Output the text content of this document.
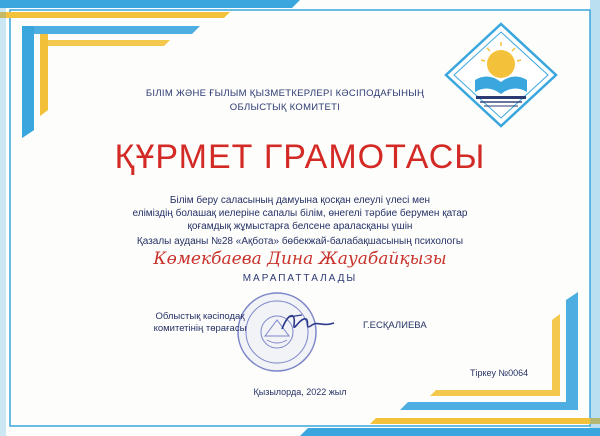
БІЛІМ ЖӘНЕ ҒЫЛЫМ ҚЫЗМЕТКЕРЛЕРІ КӘСІПОДАҒЫНЫҢ
ОБЛЫСТЫҚ КОМИТЕТІ
ҚҰРМЕТ ГРАМОТАСЫ
Білім беру саласының дамуына қосқан елеулі үлесі мен
еліміздің болашақ иелеріне сапалы білім, өнегелі тәрбие берумен қатар
қоғамдық жұмыстарға белсене араласқаны үшін
Қазалы ауданы №28 «Ақбота» бөбекжай-балабақшасының психологы
Көмекбаева Дина Жауабайқызы
МАРАПАТТАЛАДЫ
Облыстық кәсіподақ
комитетінің төрағасы	Г.ЕСҚАЛИЕВА
Тіркеу №0064
Қызылорда, 2022 жыл
